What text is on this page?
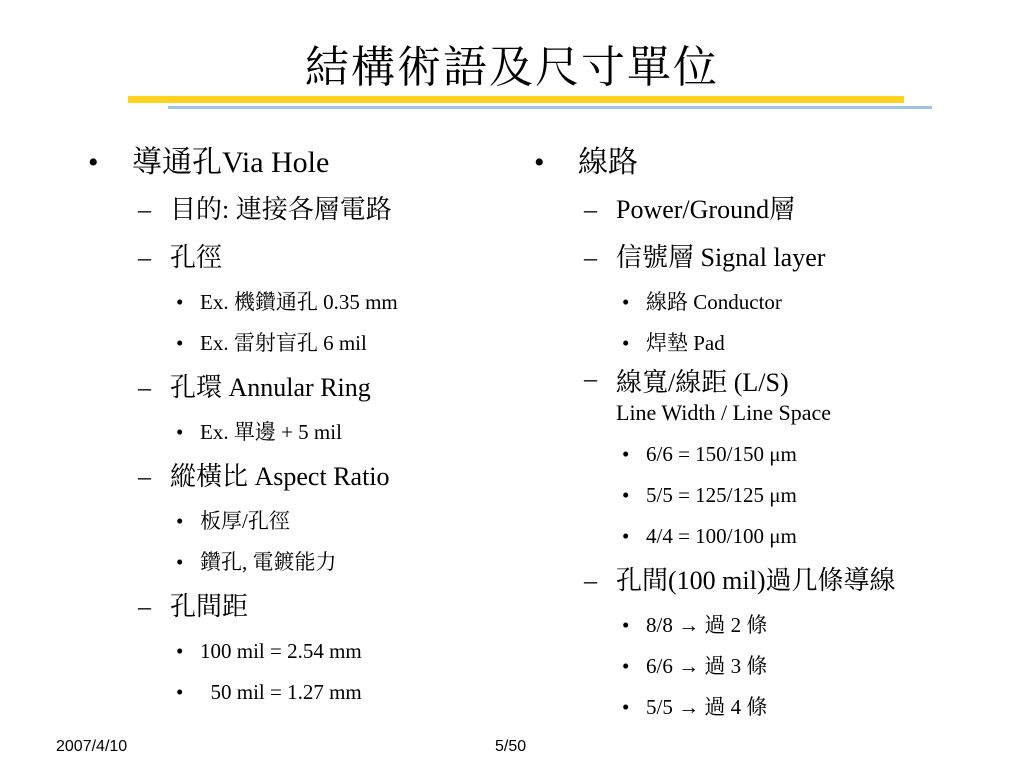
結構術語及尺寸單位
• 導通孔Via Hole
– 目的: 連接各層電路
– 孔徑
• Ex. 機鑽通孔 0.35 mm
• Ex. 雷射盲孔 6 mil
– 孔環 Annular Ring
• Ex. 單邊 + 5 mil
– 縱橫比 Aspect Ratio
• 板厚/孔徑
• 鑽孔, 電鍍能力
– 孔間距
• 100 mil = 2.54 mm
• 50 mil = 1.27 mm
• 線路
– Power/Ground層
– 信號層 Signal layer
• 線路 Conductor
• 焊墊 Pad
– 線寬/線距 (L/S)
Line Width / Line Space
• 6/6 = 150/150 μm
• 5/5 = 125/125 μm
• 4/4 = 100/100 μm
– 孔間(100 mil)過几條導線
• 8/8 → 過 2 條
• 6/6 → 過 3 條
• 5/5 → 過 4 條
2007/4/10	5/50
